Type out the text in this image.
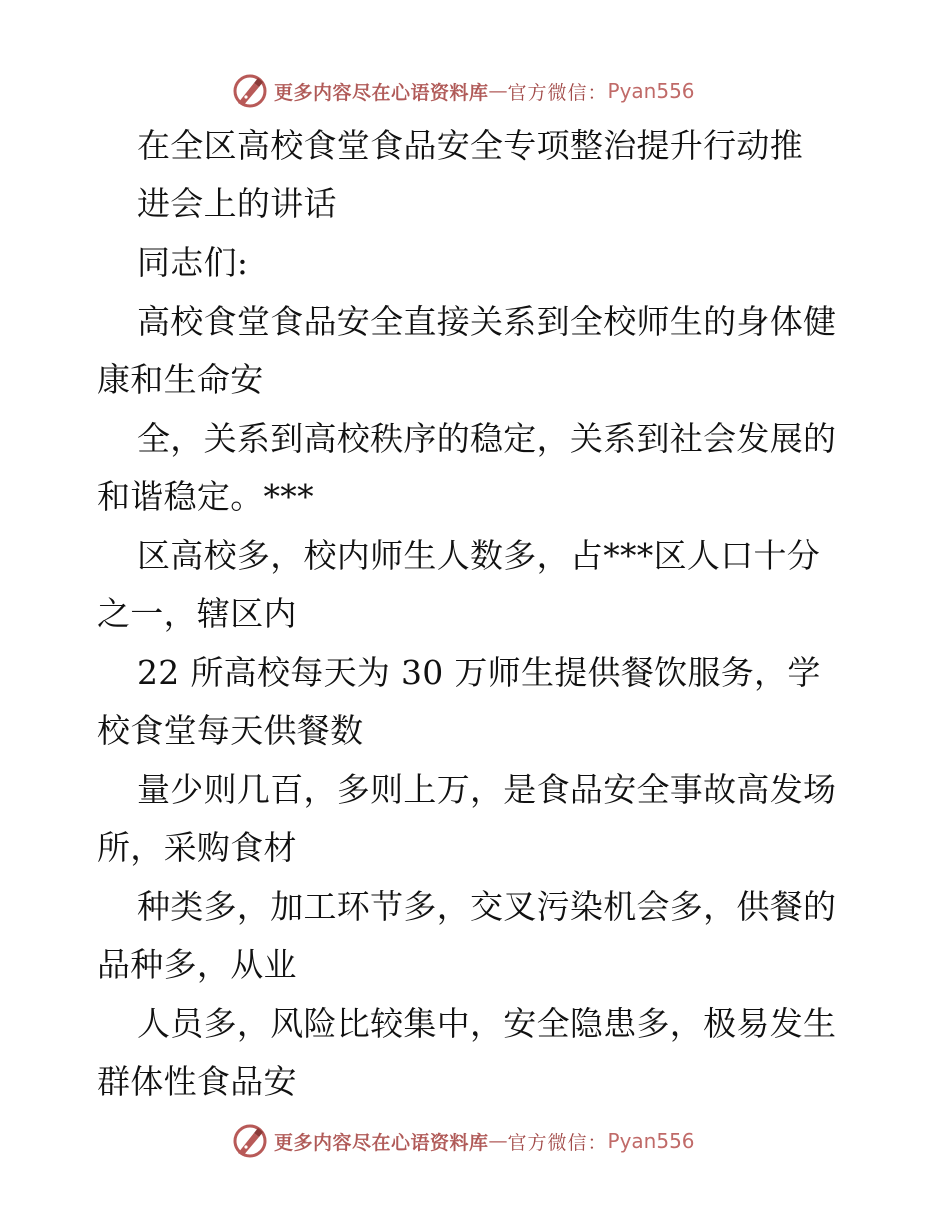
更多内容尽在心语资料库 — 官方微信： Pyan556
在全区高校食堂食品安全专项整治提升行动推
进会上的讲话
同志们:
高校食堂食品安全直接关系到全校师生的身体健
康和生命安
全，关系到高校秩序的稳定，关系到社会发展的
和谐稳定。***
区高校多，校内师生人数多，占***区人口十分
之一，辖区内
22 所高校每天为 30 万师生提供餐饮服务，学
校食堂每天供餐数
量少则几百，多则上万，是食品安全事故高发场
所，采购食材
种类多，加工环节多，交叉污染机会多，供餐的
品种多，从业
人员多，风险比较集中，安全隐患多，极易发生
群体性食品安
更多内容尽在心语资料库 — 官方微信： Pyan556
